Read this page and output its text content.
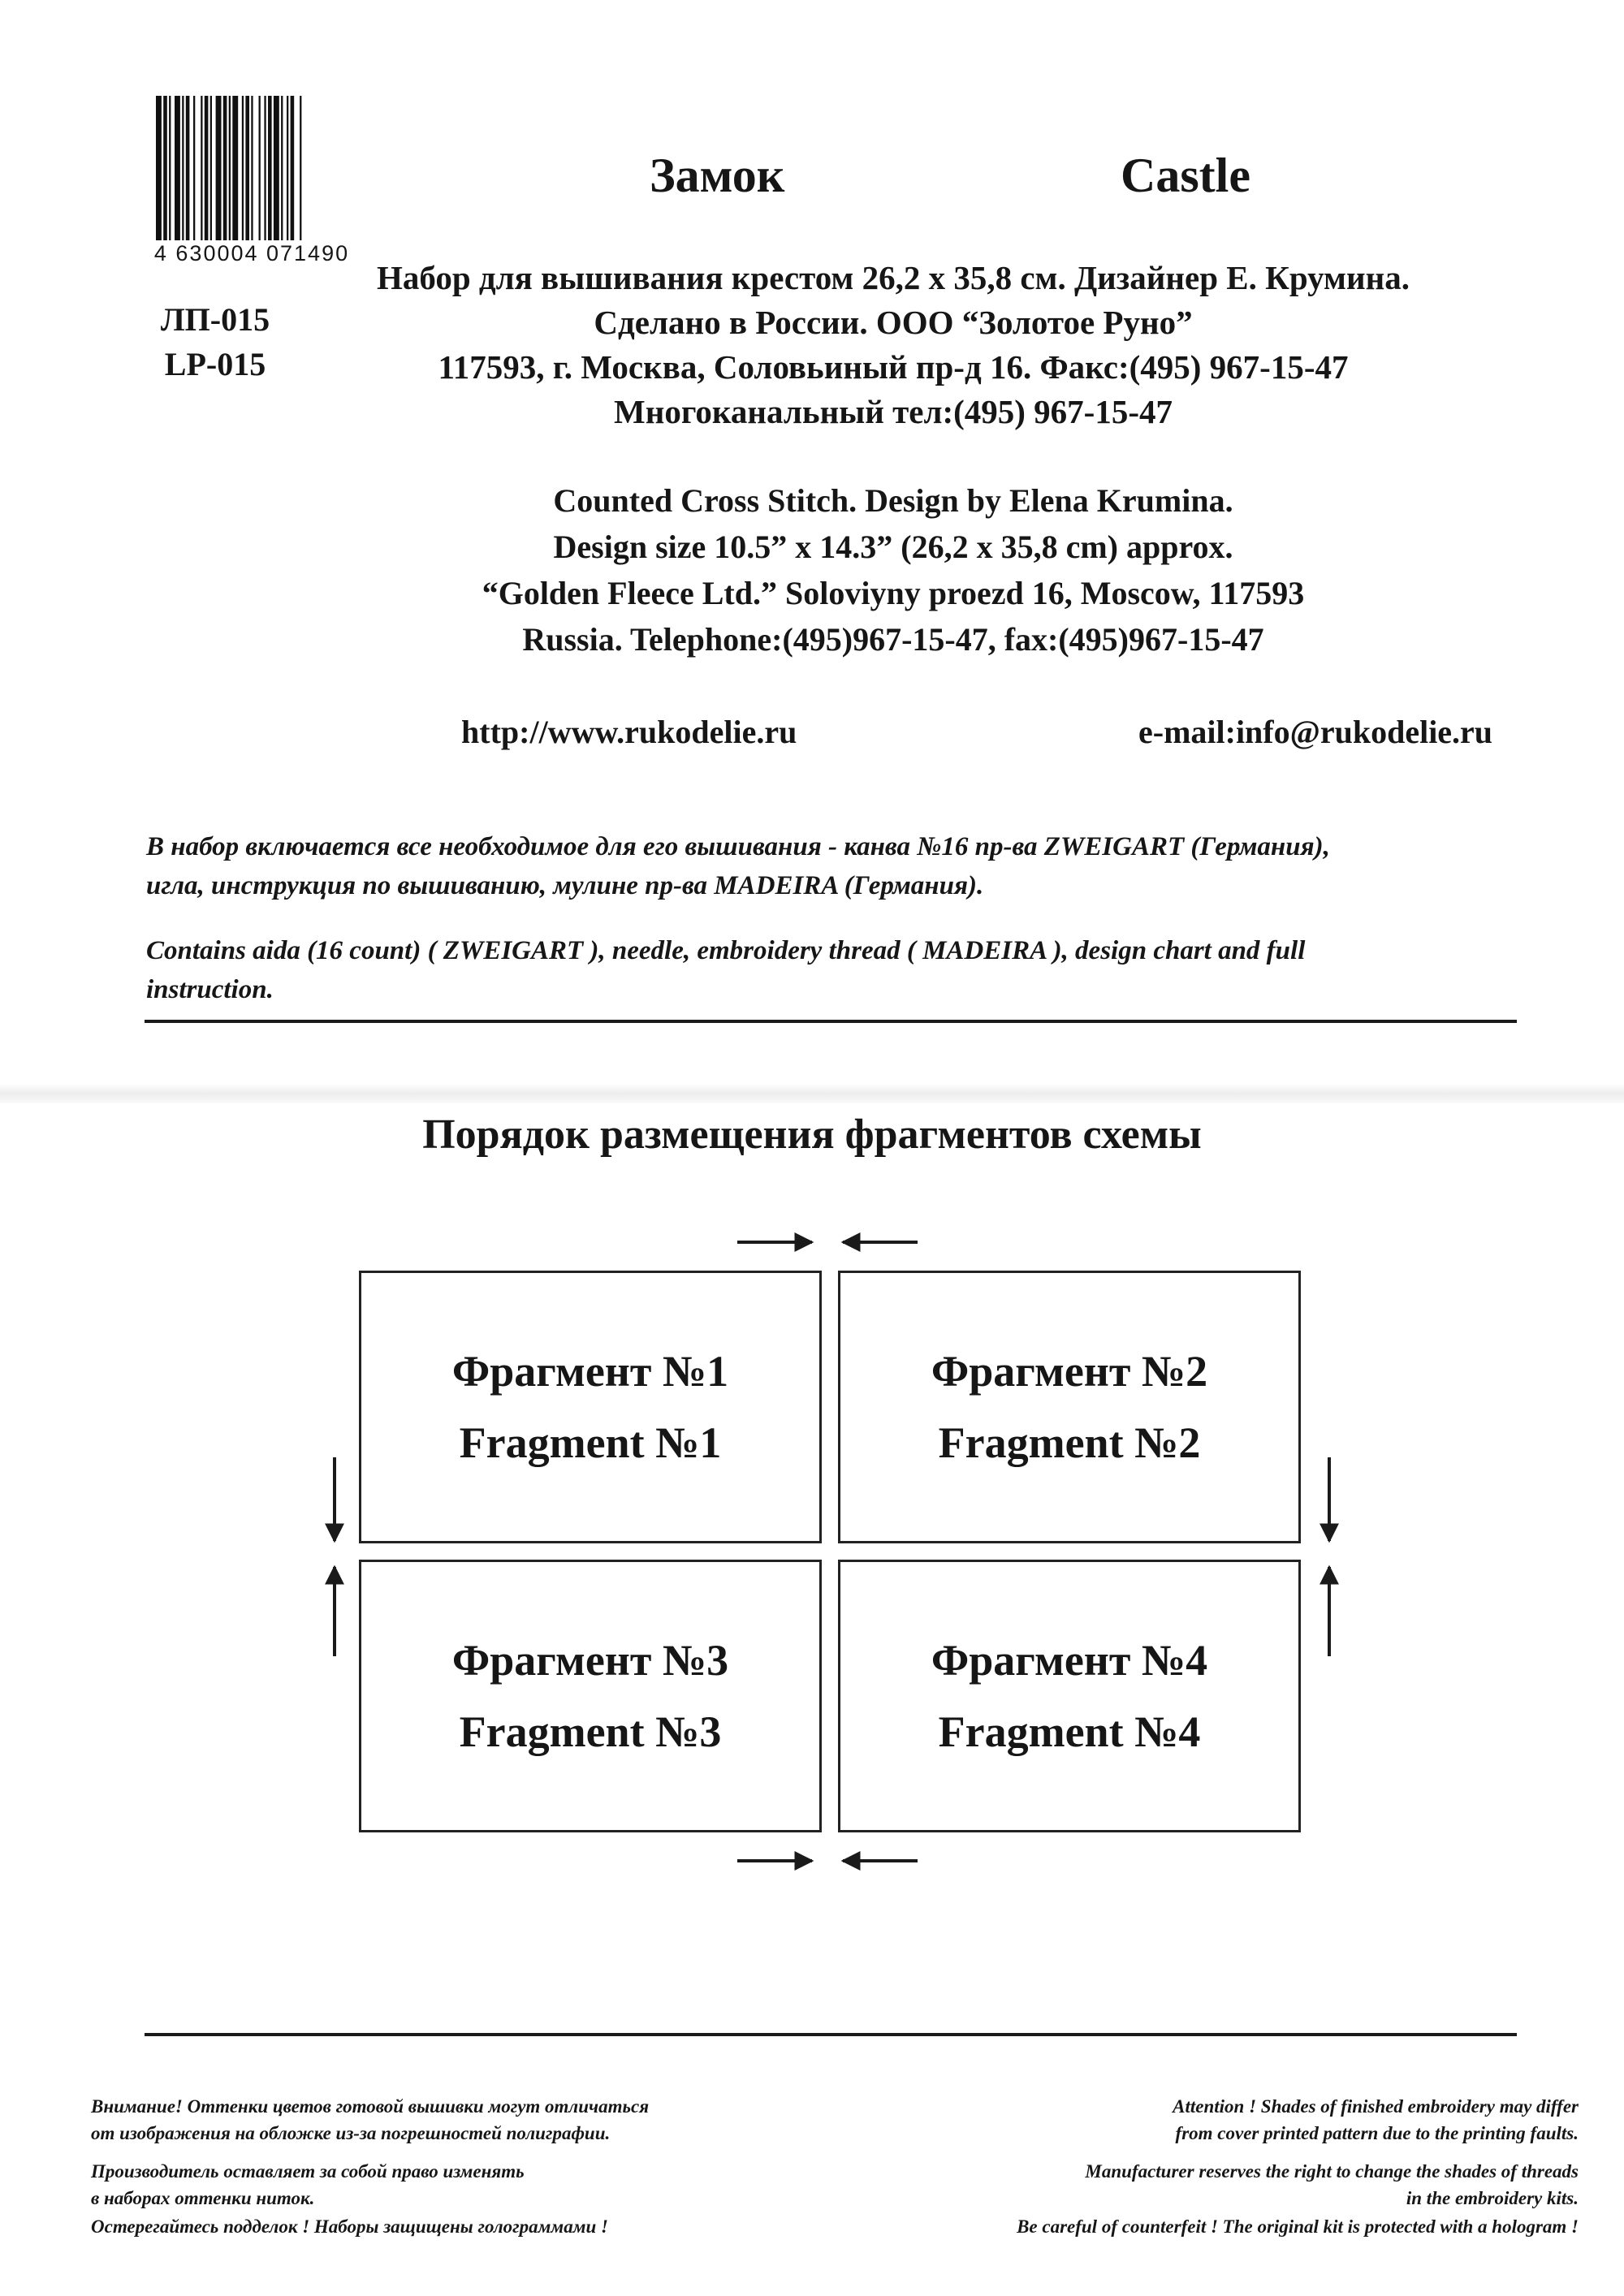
4 630004 071490
ЛП-015
LP-015
Замок	Castle
Набор для вышивания крестом 26,2 x 35,8 см. Дизайнер Е. Крумина.
Сделано в России. ООО “Золотое Руно”
117593, г. Москва, Соловьиный пр-д 16. Факс:(495) 967-15-47
Многоканальный тел:(495) 967-15-47
Counted Cross Stitch. Design by Elena Krumina.
Design size 10.5” x 14.3” (26,2 x 35,8 cm) approx.
“Golden Fleece Ltd.” Soloviyny proezd 16, Moscow, 117593
Russia. Telephone:(495)967-15-47, fax:(495)967-15-47
http://www.rukodelie.ru	e-mail:info@rukodelie.ru
В набор включается все необходимое для его вышивания - канва №16 пр-ва ZWEIGART (Германия),
игла, инструкция по вышиванию, мулине пр-ва MADEIRA (Германия).
Contains aida (16 count) ( ZWEIGART ), needle, embroidery thread ( MADEIRA ), design chart and full
instruction.
Порядок размещения фрагментов схемы
Фрагмент №1
Fragment №1
Фрагмент №2
Fragment №2
Фрагмент №3
Fragment №3
Фрагмент №4
Fragment №4
Внимание! Оттенки цветов готовой вышивки могут отличаться
от изображения на обложке из-за погрешностей полиграфии.
Производитель оставляет за собой право изменять
в наборах оттенки ниток.
Остерегайтесь подделок ! Наборы защищены голограммами !
Attention ! Shades of finished embroidery may differ
from cover printed pattern due to the printing faults.
Manufacturer reserves the right to change the shades of threads
in the embroidery kits.
Be careful of counterfeit ! The original kit is protected with a hologram !
